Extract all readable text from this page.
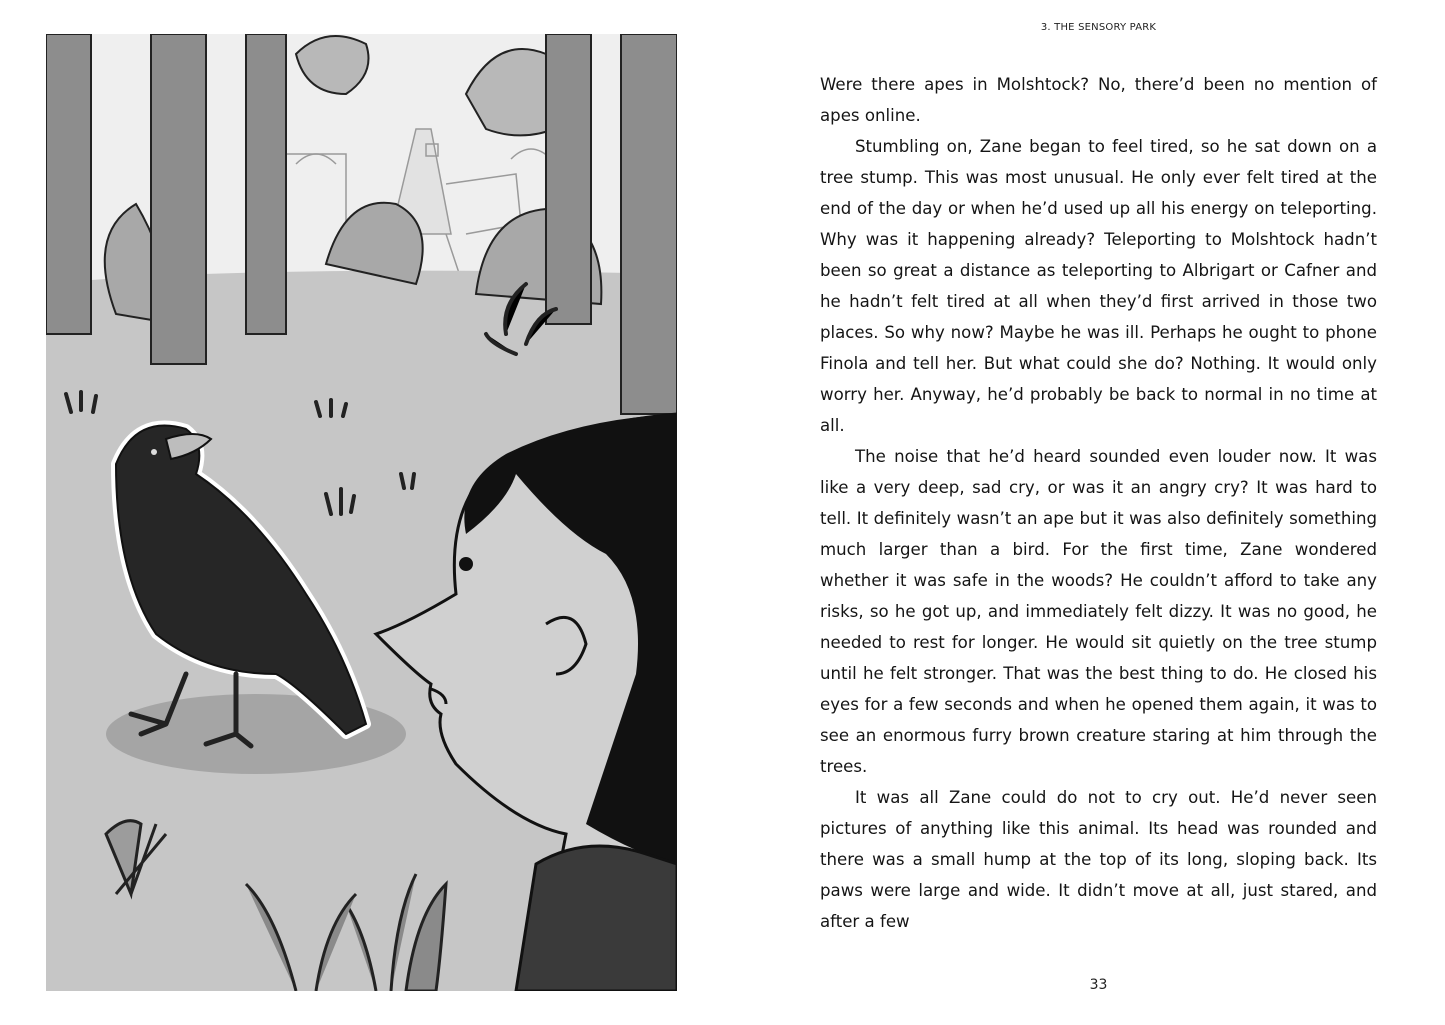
3. THE SENSORY PARK

Were there apes in Molshtock? No, there’d been no mention of apes online.

Stumbling on, Zane began to feel tired, so he sat down on a tree stump. This was most unusual. He only ever felt tired at the end of the day or when he’d used up all his energy on teleporting. Why was it happening already? Teleporting to Molshtock hadn’t been so great a distance as teleporting to Albrigart or Cafner and he hadn’t felt tired at all when they’d first arrived in those two places. So why now? Maybe he was ill. Perhaps he ought to phone Finola and tell her. But what could she do? Nothing. It would only worry her. Anyway, he’d probably be back to normal in no time at all.

The noise that he’d heard sounded even louder now. It was like a very deep, sad cry, or was it an angry cry? It was hard to tell. It definitely wasn’t an ape but it was also definitely something much larger than a bird. For the first time, Zane wondered whether it was safe in the woods? He couldn’t afford to take any risks, so he got up, and immediately felt dizzy. It was no good, he needed to rest for longer. He would sit quietly on the tree stump until he felt stronger. That was the best thing to do. He closed his eyes for a few seconds and when he opened them again, it was to see an enormous furry brown creature staring at him through the trees.

It was all Zane could do not to cry out. He’d never seen pictures of anything like this animal. Its head was rounded and there was a small hump at the top of its long, sloping back. Its paws were large and wide. It didn’t move at all, just stared, and after a few

33
